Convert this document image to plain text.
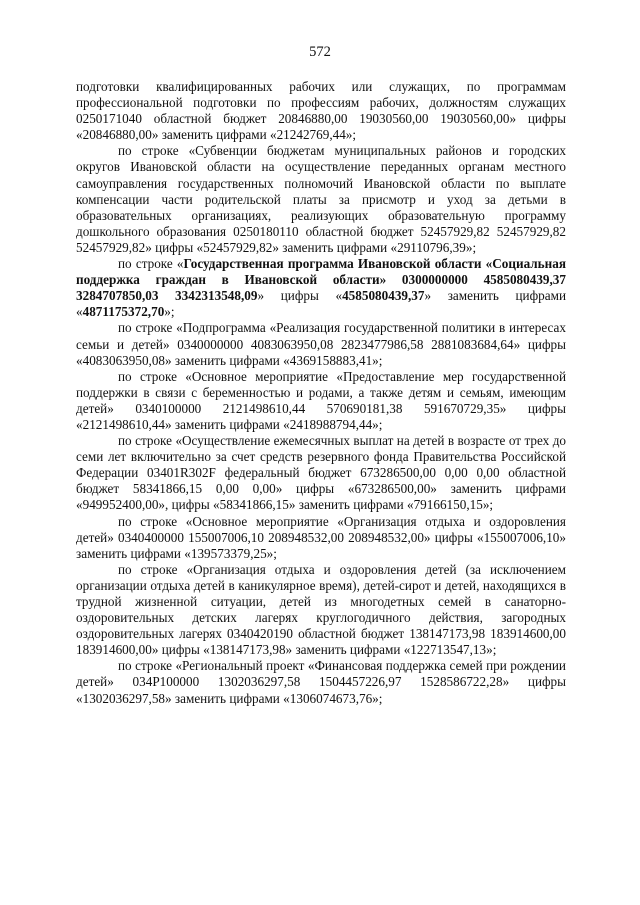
572

подготовки квалифицированных рабочих или служащих, по программам профессиональной подготовки по профессиям рабочих, должностям служащих 0250171040 областной бюджет 20846880,00 19030560,00 19030560,00» цифры «20846880,00» заменить цифрами «21242769,44»;

по строке «Субвенции бюджетам муниципальных районов и городских округов Ивановской области на осуществление переданных органам местного самоуправления государственных полномочий Ивановской области по выплате компенсации части родительской платы за присмотр и уход за детьми в образовательных организациях, реализующих образовательную программу дошкольного образования 0250180110 областной бюджет 52457929,82 52457929,82 52457929,82» цифры «52457929,82» заменить цифрами «29110796,39»;

по строке «Государственная программа Ивановской области «Социальная поддержка граждан в Ивановской области» 0300000000 4585080439,37 3284707850,03 3342313548,09» цифры «4585080439,37» заменить цифрами «4871175372,70»;

по строке «Подпрограмма «Реализация государственной политики в интересах семьи и детей» 0340000000 4083063950,08 2823477986,58 2881083684,64» цифры «4083063950,08» заменить цифрами «4369158883,41»;

по строке «Основное мероприятие «Предоставление мер государственной поддержки в связи с беременностью и родами, а также детям и семьям, имеющим детей» 0340100000 2121498610,44 570690181,38 591670729,35» цифры «2121498610,44» заменить цифрами «2418988794,44»;

по строке «Осуществление ежемесячных выплат на детей в возрасте от трех до семи лет включительно за счет средств резервного фонда Правительства Российской Федерации 03401R302F федеральный бюджет 673286500,00 0,00 0,00 областной бюджет 58341866,15 0,00 0,00» цифры «673286500,00» заменить цифрами «949952400,00», цифры «58341866,15» заменить цифрами «79166150,15»;

по строке «Основное мероприятие «Организация отдыха и оздоровления детей» 0340400000 155007006,10 208948532,00 208948532,00» цифры «155007006,10» заменить цифрами «139573379,25»;

по строке «Организация отдыха и оздоровления детей (за исключением организации отдыха детей в каникулярное время), детей-сирот и детей, находящихся в трудной жизненной ситуации, детей из многодетных семей в санаторно-оздоровительных детских лагерях круглогодичного действия, загородных оздоровительных лагерях 0340420190 областной бюджет 138147173,98 183914600,00 183914600,00» цифры «138147173,98» заменить цифрами «122713547,13»;

по строке «Региональный проект «Финансовая поддержка семей при рождении детей» 034P100000 1302036297,58 1504457226,97 1528586722,28» цифры «1302036297,58» заменить цифрами «1306074673,76»;
